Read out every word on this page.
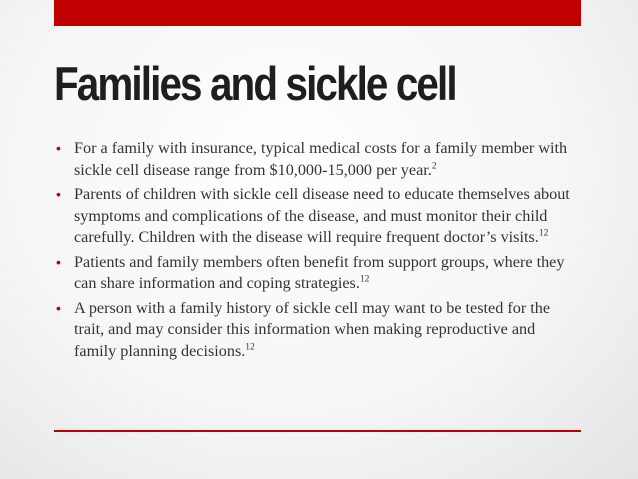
Families and sickle cell
• For a family with insurance, typical medical costs for a family member with sickle cell disease range from $10,000-15,000 per year.$^2$
• Parents of children with sickle cell disease need to educate themselves about symptoms and complications of the disease, and must monitor their child carefully. Children with the disease will require frequent doctor’s visits.$^{12}$
• Patients and family members often benefit from support groups, where they can share information and coping strategies.$^{12}$
• A person with a family history of sickle cell may want to be tested for the trait, and may consider this information when making reproductive and family planning decisions.$^{12}$
